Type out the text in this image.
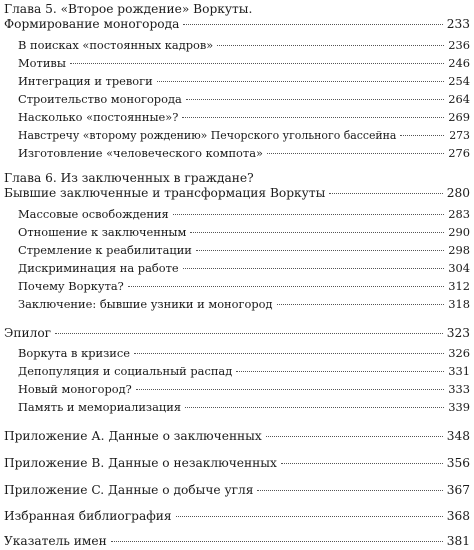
Глава 5. «Второе рождение» Воркуты.
Формирование моногорода	233
В поисках «постоянных кадров»	236
Мотивы	246
Интеграция и тревоги	254
Строительство моногорода	264
Насколько «постоянные»?	269
Навстречу «второму рождению» Печорского угольного бассейна	273
Изготовление «человеческого компота»	276
Глава 6. Из заключенных в граждане?
Бывшие заключенные и трансформация Воркуты	280
Массовые освобождения	283
Отношение к заключенным	290
Стремление к реабилитации	298
Дискриминация на работе	304
Почему Воркута?	312
Заключение: бывшие узники и моногород	318
Эпилог	323
Воркута в кризисе	326
Депопуляция и социальный распад	331
Новый моногород?	333
Память и мемориализация	339
Приложение А. Данные о заключенных	348
Приложение B. Данные о незаключенных	356
Приложение C. Данные о добыче угля	367
Избранная библиография	368
Указатель имен	381
